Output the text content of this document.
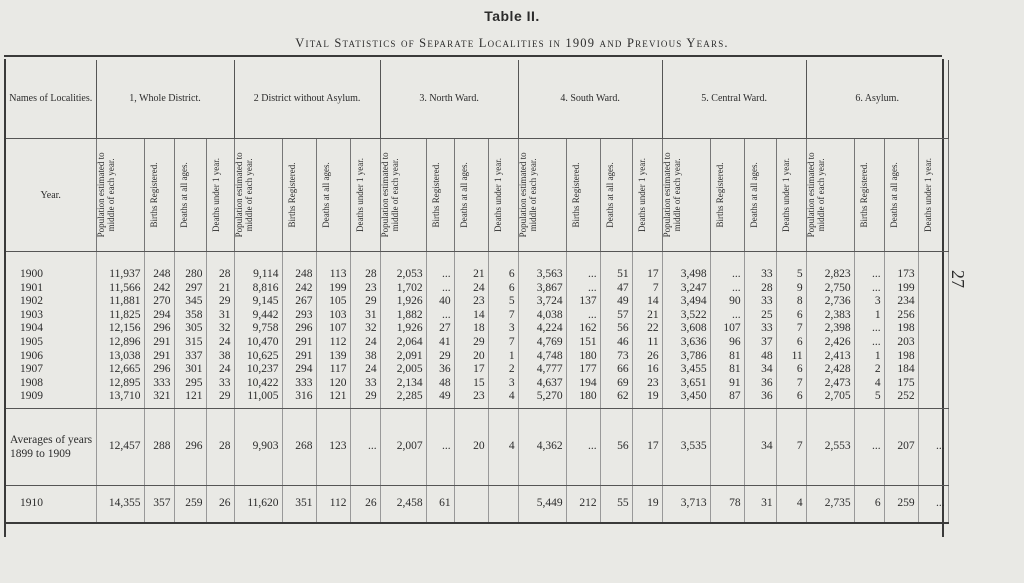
Table II.
Vital Statistics of Separate Localities in 1909 and Previous Years.
27
Names of Localities.	1, Whole District.				2 District without Asylum.				3. North Ward.				4. South Ward.				5. Central Ward.				6. Asylum.			
Year.	Population estimated to middle of each year.	Births Registered.	Deaths at all ages.	Deaths under 1 year.	Population estimated to middle of each year.	Births Registered.	Deaths at all ages.	Deaths under 1 year.	Population estimated to middle of each year.	Births Registered.	Deaths at all ages.	Deaths under 1 year.	Population estimated to middle of each year.	Births Registered.	Deaths at all ages.	Deaths under 1 year.	Population estimated to middle of each year.	Births Registered.	Deaths at all ages.	Deaths under 1 year.	Population estimated to middle of each year.	Births Registered.	Deaths at all ages.	Deaths under 1 year.

1900	11,937	248	280	28	9,114	248	113	28	2,053	...	21	6	3,563	...	51	17	3,498	...	33	5	2,823	...	173	
1901	11,566	242	297	21	8,816	242	199	23	1,702	...	24	6	3,867	...	47	7	3,247	...	28	9	2,750	...	199	
1902	11,881	270	345	29	9,145	267	105	29	1,926	40	23	5	3,724	137	49	14	3,494	90	33	8	2,736	3	234	
1903	11,825	294	358	31	9,442	293	103	31	1,882	...	14	7	4,038	...	57	21	3,522	...	25	6	2,383	1	256	
1904	12,156	296	305	32	9,758	296	107	32	1,926	27	18	3	4,224	162	56	22	3,608	107	33	7	2,398	...	198	
1905	12,896	291	315	24	10,470	291	112	24	2,064	41	29	7	4,769	151	46	11	3,636	96	37	6	2,426	...	203	
1906	13,038	291	337	38	10,625	291	139	38	2,091	29	20	1	4,748	180	73	26	3,786	81	48	11	2,413	1	198	
1907	12,665	296	301	24	10,237	294	117	24	2,005	36	17	2	4,777	177	66	16	3,455	81	34	6	2,428	2	184	
1908	12,895	333	295	33	10,422	333	120	33	2,134	48	15	3	4,637	194	69	23	3,651	91	36	7	2,473	4	175	
1909	13,710	321	121	29	11,005	316	121	29	2,285	49	23	4	5,270	180	62	19	3,450	87	36	6	2,705	5	252	
Averages of years 1899 to 1909	12,457	288	296	28	9,903	268	123	...	2,007	...	20	4	4,362	...	56	17	3,535		34	7	2,553	...	207	...
1910	14,355	357	259	26	11,620	351	112	26	2,458	61			5,449	212	55	19	3,713	78	31	4	2,735	6	259	...
